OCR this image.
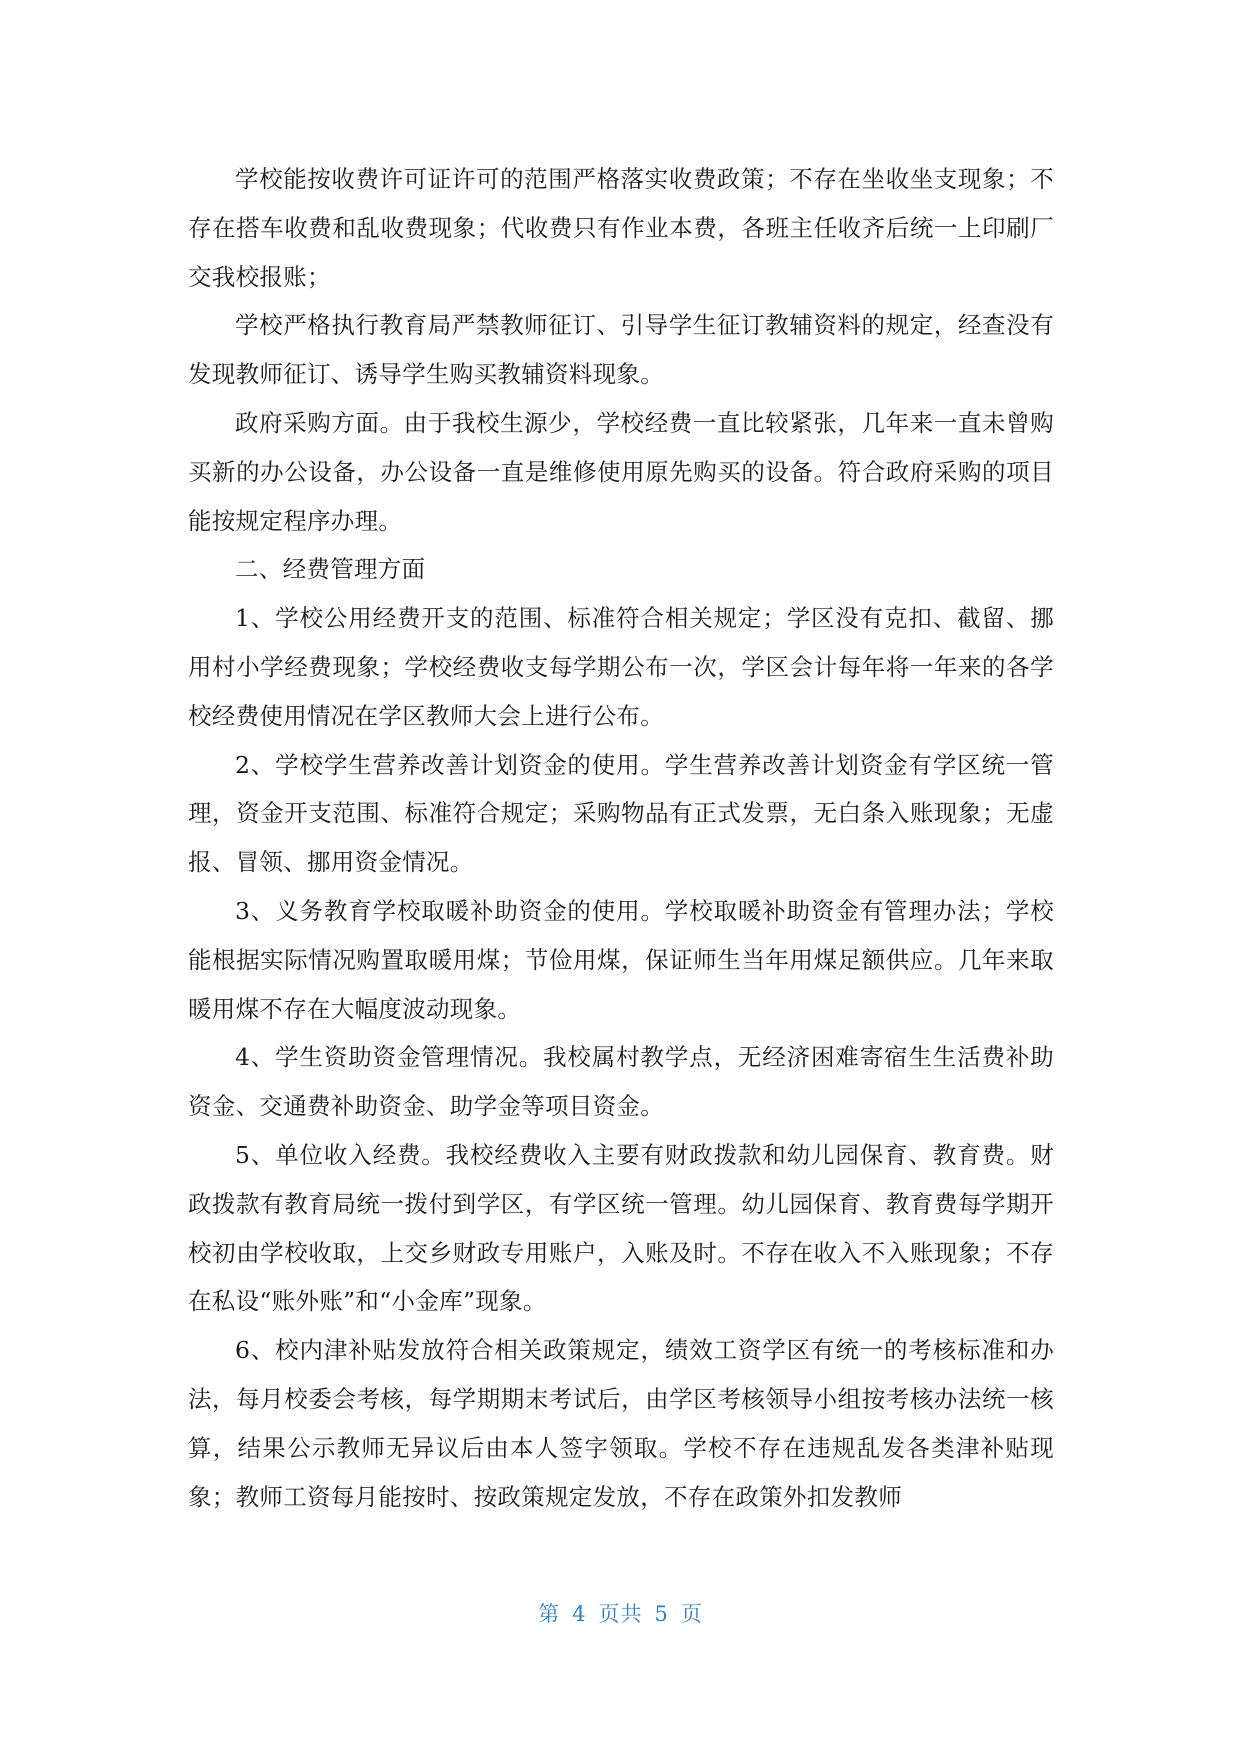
学校能按收费许可证许可的范围严格落实收费政策；不存在坐收坐支现象；不存在搭车收费和乱收费现象；代收费只有作业本费，各班主任收齐后统一上印刷厂交我校报账；

学校严格执行教育局严禁教师征订、引导学生征订教辅资料的规定，经查没有发现教师征订、诱导学生购买教辅资料现象。

政府采购方面。由于我校生源少，学校经费一直比较紧张，几年来一直未曾购买新的办公设备，办公设备一直是维修使用原先购买的设备。符合政府采购的项目能按规定程序办理。

二、经费管理方面

1、学校公用经费开支的范围、标准符合相关规定；学区没有克扣、截留、挪用村小学经费现象；学校经费收支每学期公布一次，学区会计每年将一年来的各学校经费使用情况在学区教师大会上进行公布。

2、学校学生营养改善计划资金的使用。学生营养改善计划资金有学区统一管理，资金开支范围、标准符合规定；采购物品有正式发票，无白条入账现象；无虚报、冒领、挪用资金情况。

3、义务教育学校取暖补助资金的使用。学校取暖补助资金有管理办法；学校能根据实际情况购置取暖用煤；节俭用煤，保证师生当年用煤足额供应。几年来取暖用煤不存在大幅度波动现象。

4、学生资助资金管理情况。我校属村教学点，无经济困难寄宿生生活费补助资金、交通费补助资金、助学金等项目资金。

5、单位收入经费。我校经费收入主要有财政拨款和幼儿园保育、教育费。财政拨款有教育局统一拨付到学区，有学区统一管理。幼儿园保育、教育费每学期开校初由学校收取，上交乡财政专用账户，入账及时。不存在收入不入账现象；不存在私设“账外账”和“小金库”现象。

6、校内津补贴发放符合相关政策规定，绩效工资学区有统一的考核标准和办法，每月校委会考核，每学期期末考试后，由学区考核领导小组按考核办法统一核算，结果公示教师无异议后由本人签字领取。学校不存在违规乱发各类津补贴现象；教师工资每月能按时、按政策规定发放，不存在政策外扣发教师

第 4 页共 5 页
